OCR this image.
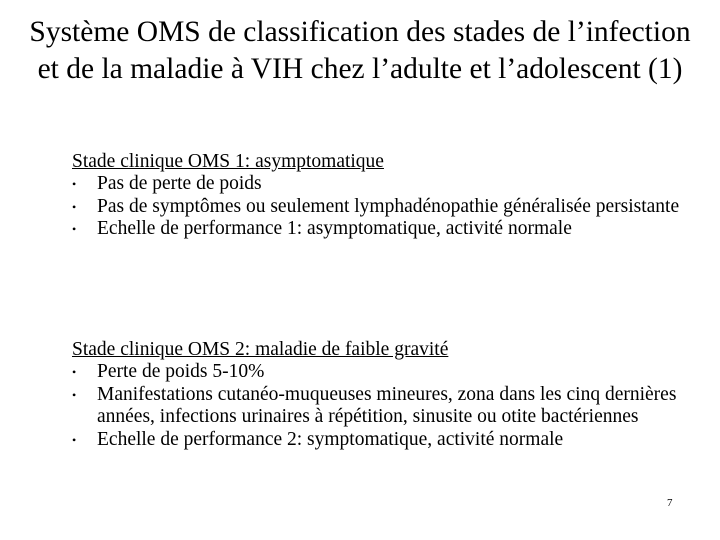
Système OMS de classification des stades de l’infection et de la maladie à VIH chez l’adulte et l’adolescent (1)
Stade clinique OMS 1: asymptomatique
• Pas de perte de poids
• Pas de symptômes ou seulement lymphadénopathie généralisée persistante
• Echelle de performance 1: asymptomatique, activité normale
Stade clinique OMS 2: maladie de faible gravité
• Perte de poids 5-10%
• Manifestations cutanéo-muqueuses mineures, zona dans les cinq dernières années, infections urinaires à répétition, sinusite ou otite bactériennes
• Echelle de performance 2: symptomatique, activité normale
7
